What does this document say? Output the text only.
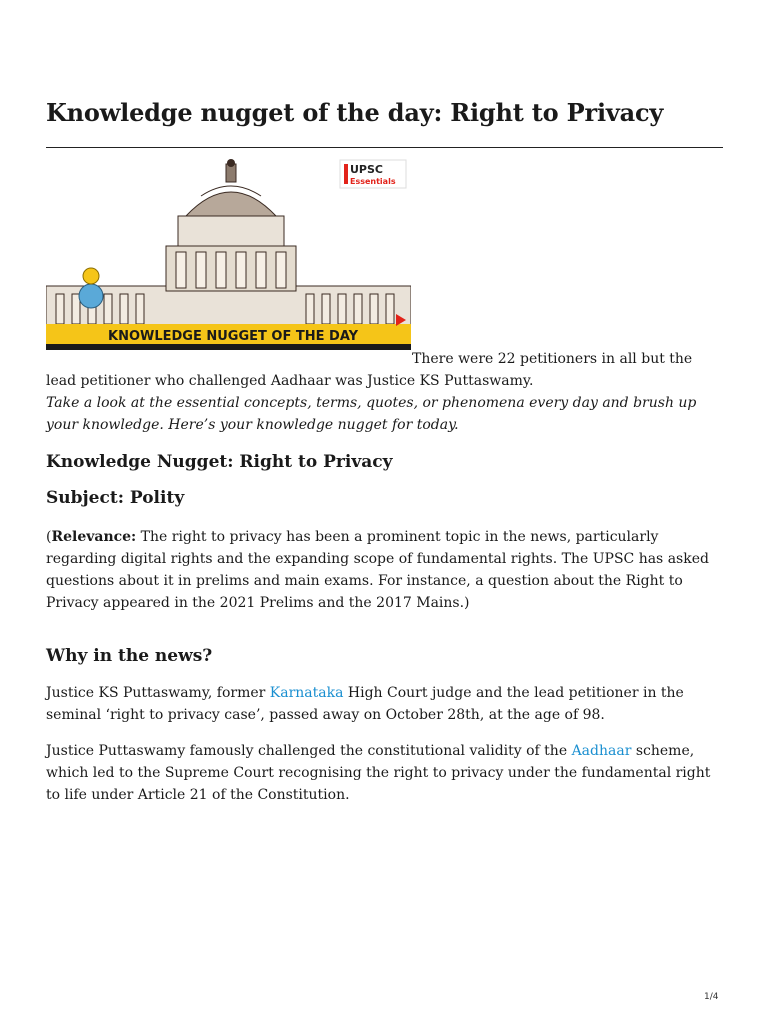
Knowledge nugget of the day: Right to Privacy
KNOWLEDGE NUGGET OF THE DAY
UPSC
Essentials

There were 22 petitioners in all but the lead petitioner who challenged Aadhaar was Justice KS Puttaswamy.

Take a look at the essential concepts, terms, quotes, or phenomena every day and brush up your knowledge. Here’s your knowledge nugget for today.

Knowledge Nugget: Right to Privacy
Subject: Polity

(Relevance: The right to privacy has been a prominent topic in the news, particularly regarding digital rights and the expanding scope of fundamental rights. The UPSC has asked questions about it in prelims and main exams. For instance, a question about the Right to Privacy appeared in the 2021 Prelims and the 2017 Mains.)

Why in the news?

Justice KS Puttaswamy, former Karnataka High Court judge and the lead petitioner in the seminal ‘right to privacy case’, passed away on October 28th, at the age of 98.

Justice Puttaswamy famously challenged the constitutional validity of the Aadhaar scheme, which led to the Supreme Court recognising the right to privacy under the fundamental right to life under Article 21 of the Constitution.

1/4
